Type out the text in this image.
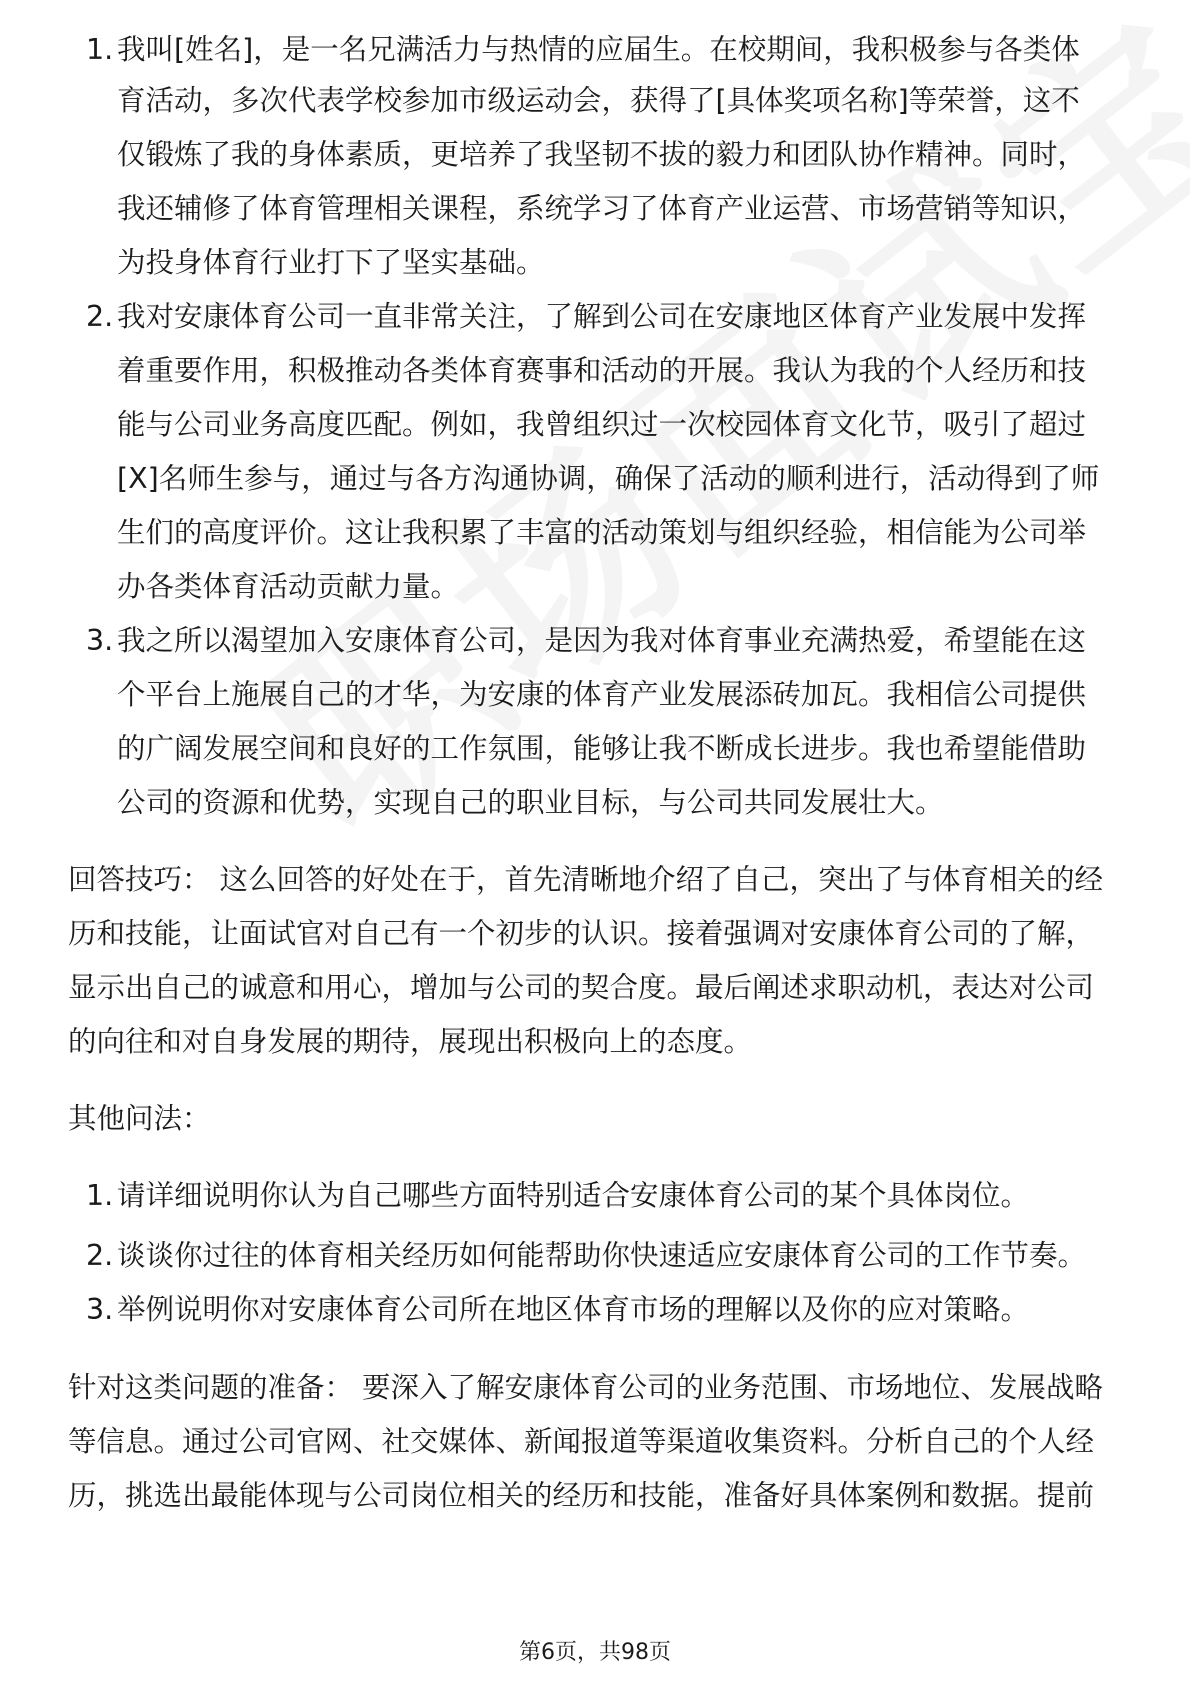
1. 我叫[姓名]，是一名兄满活力与热情的应届生。在校期间，我积极参与各类体
育活动，多次代表学校参加市级运动会，获得了[具体奖项名称]等荣誉，这不
仅锻炼了我的身体素质，更培养了我坚韧不拔的毅力和团队协作精神。同时，
我还辅修了体育管理相关课程，系统学习了体育产业运营、市场营销等知识，
为投身体育行业打下了坚实基础。
2. 我对安康体育公司一直非常关注，了解到公司在安康地区体育产业发展中发挥
着重要作用，积极推动各类体育赛事和活动的开展。我认为我的个人经历和技
能与公司业务高度匹配。例如，我曾组织过一次校园体育文化节，吸引了超过
[X]名师生参与，通过与各方沟通协调，确保了活动的顺利进行，活动得到了师
生们的高度评价。这让我积累了丰富的活动策划与组织经验，相信能为公司举
办各类体育活动贡献力量。
3. 我之所以渴望加入安康体育公司，是因为我对体育事业充满热爱，希望能在这
个平台上施展自己的才华，为安康的体育产业发展添砖加瓦。我相信公司提供
的广阔发展空间和良好的工作氛围，能够让我不断成长进步。我也希望能借助
公司的资源和优势，实现自己的职业目标，与公司共同发展壮大。
回答技巧： 这么回答的好处在于，首先清晰地介绍了自己，突出了与体育相关的经
历和技能，让面试官对自己有一个初步的认识。接着强调对安康体育公司的了解，
显示出自己的诚意和用心，增加与公司的契合度。最后阐述求职动机，表达对公司
的向往和对自身发展的期待，展现出积极向上的态度。
其他问法：
1. 请详细说明你认为自己哪些方面特别适合安康体育公司的某个具体岗位。
2. 谈谈你过往的体育相关经历如何能帮助你快速适应安康体育公司的工作节奏。
3. 举例说明你对安康体育公司所在地区体育市场的理解以及你的应对策略。
针对这类问题的准备： 要深入了解安康体育公司的业务范围、市场地位、发展战略
等信息。通过公司官网、社交媒体、新闻报道等渠道收集资料。分析自己的个人经
历，挑选出最能体现与公司岗位相关的经历和技能，准备好具体案例和数据。提前
第6页，共98页
